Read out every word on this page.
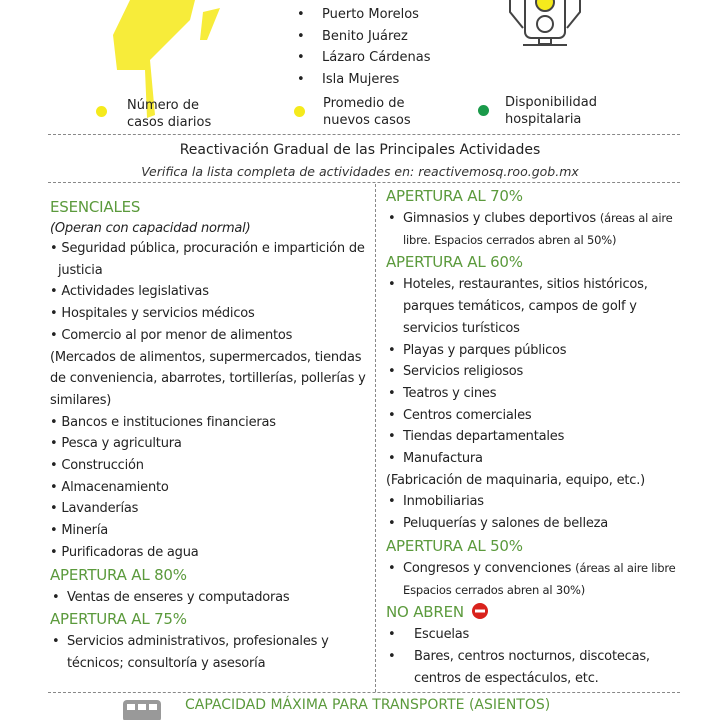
• Puerto Morelos
• Benito Juárez
• Lázaro Cárdenas
• Isla Mujeres
Número de
casos diarios
Promedio de
nuevos casos
Disponibilidad
hospitalaria
Reactivación Gradual de las Principales Actividades
Verifica la lista completa de actividades en: reactivemosq.roo.gob.mx
ESENCIALES
(Operan con capacidad normal)
• Seguridad pública, procuración e impartición de justicia
• Actividades legislativas
• Hospitales y servicios médicos
• Comercio al por menor de alimentos
(Mercados de alimentos, supermercados, tiendas de conveniencia, abarrotes, tortillerías, pollerías y similares)
• Bancos e instituciones financieras
• Pesca y agricultura
• Construcción
• Almacenamiento
• Lavanderías
• Minería
• Purificadoras de agua
APERTURA AL 80%
• Ventas de enseres y computadoras
APERTURA AL 75%
• Servicios administrativos, profesionales y técnicos; consultoría y asesoría
APERTURA AL 70%
• Gimnasios y clubes deportivos (áreas al aire libre. Espacios cerrados abren al 50%)
APERTURA AL 60%
• Hoteles, restaurantes, sitios históricos, parques temáticos, campos de golf y servicios turísticos
• Playas y parques públicos
• Servicios religiosos
• Teatros y cines
• Centros comerciales
• Tiendas departamentales
• Manufactura
(Fabricación de maquinaria, equipo, etc.)
• Inmobiliarias
• Peluquerías y salones de belleza
APERTURA AL 50%
• Congresos y convenciones (áreas al aire libre Espacios cerrados abren al 30%)
NO ABREN
• Escuelas
• Bares, centros nocturnos, discotecas, centros de espectáculos, etc.
CAPACIDAD MÁXIMA PARA TRANSPORTE (ASIENTOS)
